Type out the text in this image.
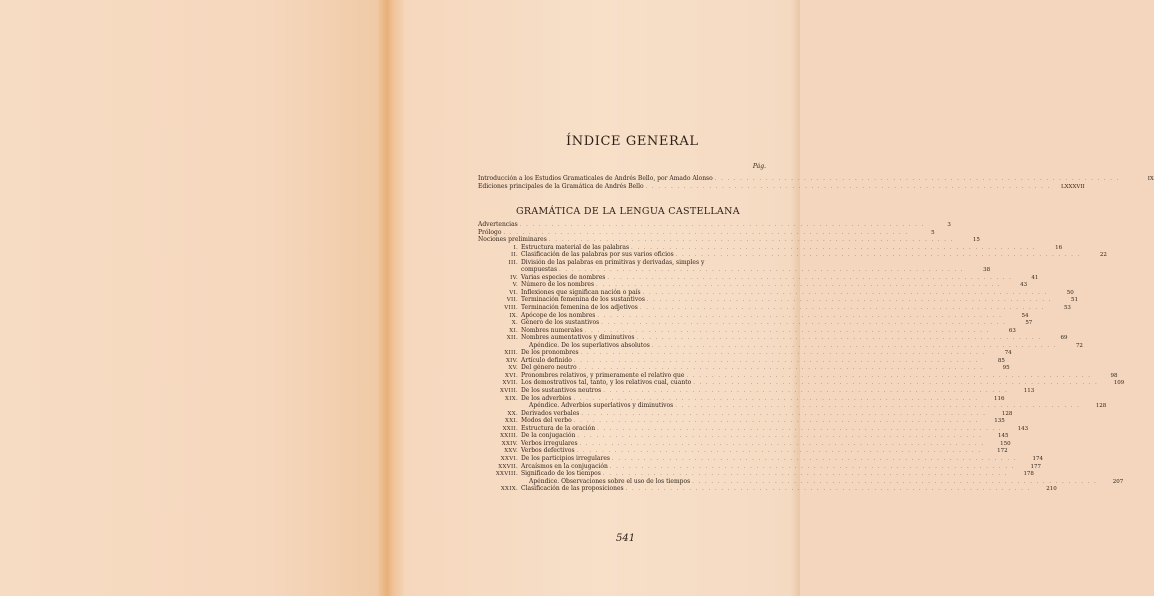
ÍNDICE GENERAL
Pág.
Introducción a los Estudios Gramaticales de Andrés Bello, por Amado Alonso . . .	IX
Ediciones principales de la Gramática de Andrés Bello . . .	LXXXVII
GRAMÁTICA DE LA LENGUA CASTELLANA
Advertencias . . .	3
Prólogo . . .	5
Nociones preliminares . . .	15
I. Estructura material de las palabras . . .	16
II. Clasificación de las palabras por sus varios oficios . . .	22
III. División de las palabras en primitivas y derivadas, simples y
compuestas . . .	38
IV. Varias especies de nombres . . .	41
V. Número de los nombres . . .	43
VI. Inflexiones que significan nación o país . . .	50
VII. Terminación femenina de los sustantivos . . .	51
VIII. Terminación femenina de los adjetivos . . .	53
IX. Apócope de los nombres . . .	54
X. Género de los sustantivos . . .	57
XI. Nombres numerales . . .	63
XII. Nombres aumentativos y diminutivos . . .	69
Apéndice. De los superlativos absolutos . . .	72
XIII. De los pronombres . . .	74
XIV. Artículo definido . . .	85
XV. Del género neutro . . .	95
XVI. Pronombres relativos, y primeramente el relativo que . . .	98
XVII. Los demostrativos tal, tanto, y los relativos cual, cuanto . . .	109
XVIII. De los sustantivos neutros . . .	113
XIX. De los adverbios . . .	116
Apéndice. Adverbios superlativos y diminutivos . . .	128
XX. Derivados verbales . . .	128
XXI. Modos del verbo . . .	135
XXII. Estructura de la oración . . .	143
XXIII. De la conjugación . . .	145
XXIV. Verbos irregulares . . .	150
XXV. Verbos defectivos . . .	172
XXVI. De los participios irregulares . . .	174
XXVII. Arcaísmos en la conjugación . . .	177
XXVIII. Significado de los tiempos . . .	178
Apéndice. Observaciones sobre el uso de los tiempos . . .	207
XXIX. Clasificación de las proposiciones . . .	210
541
